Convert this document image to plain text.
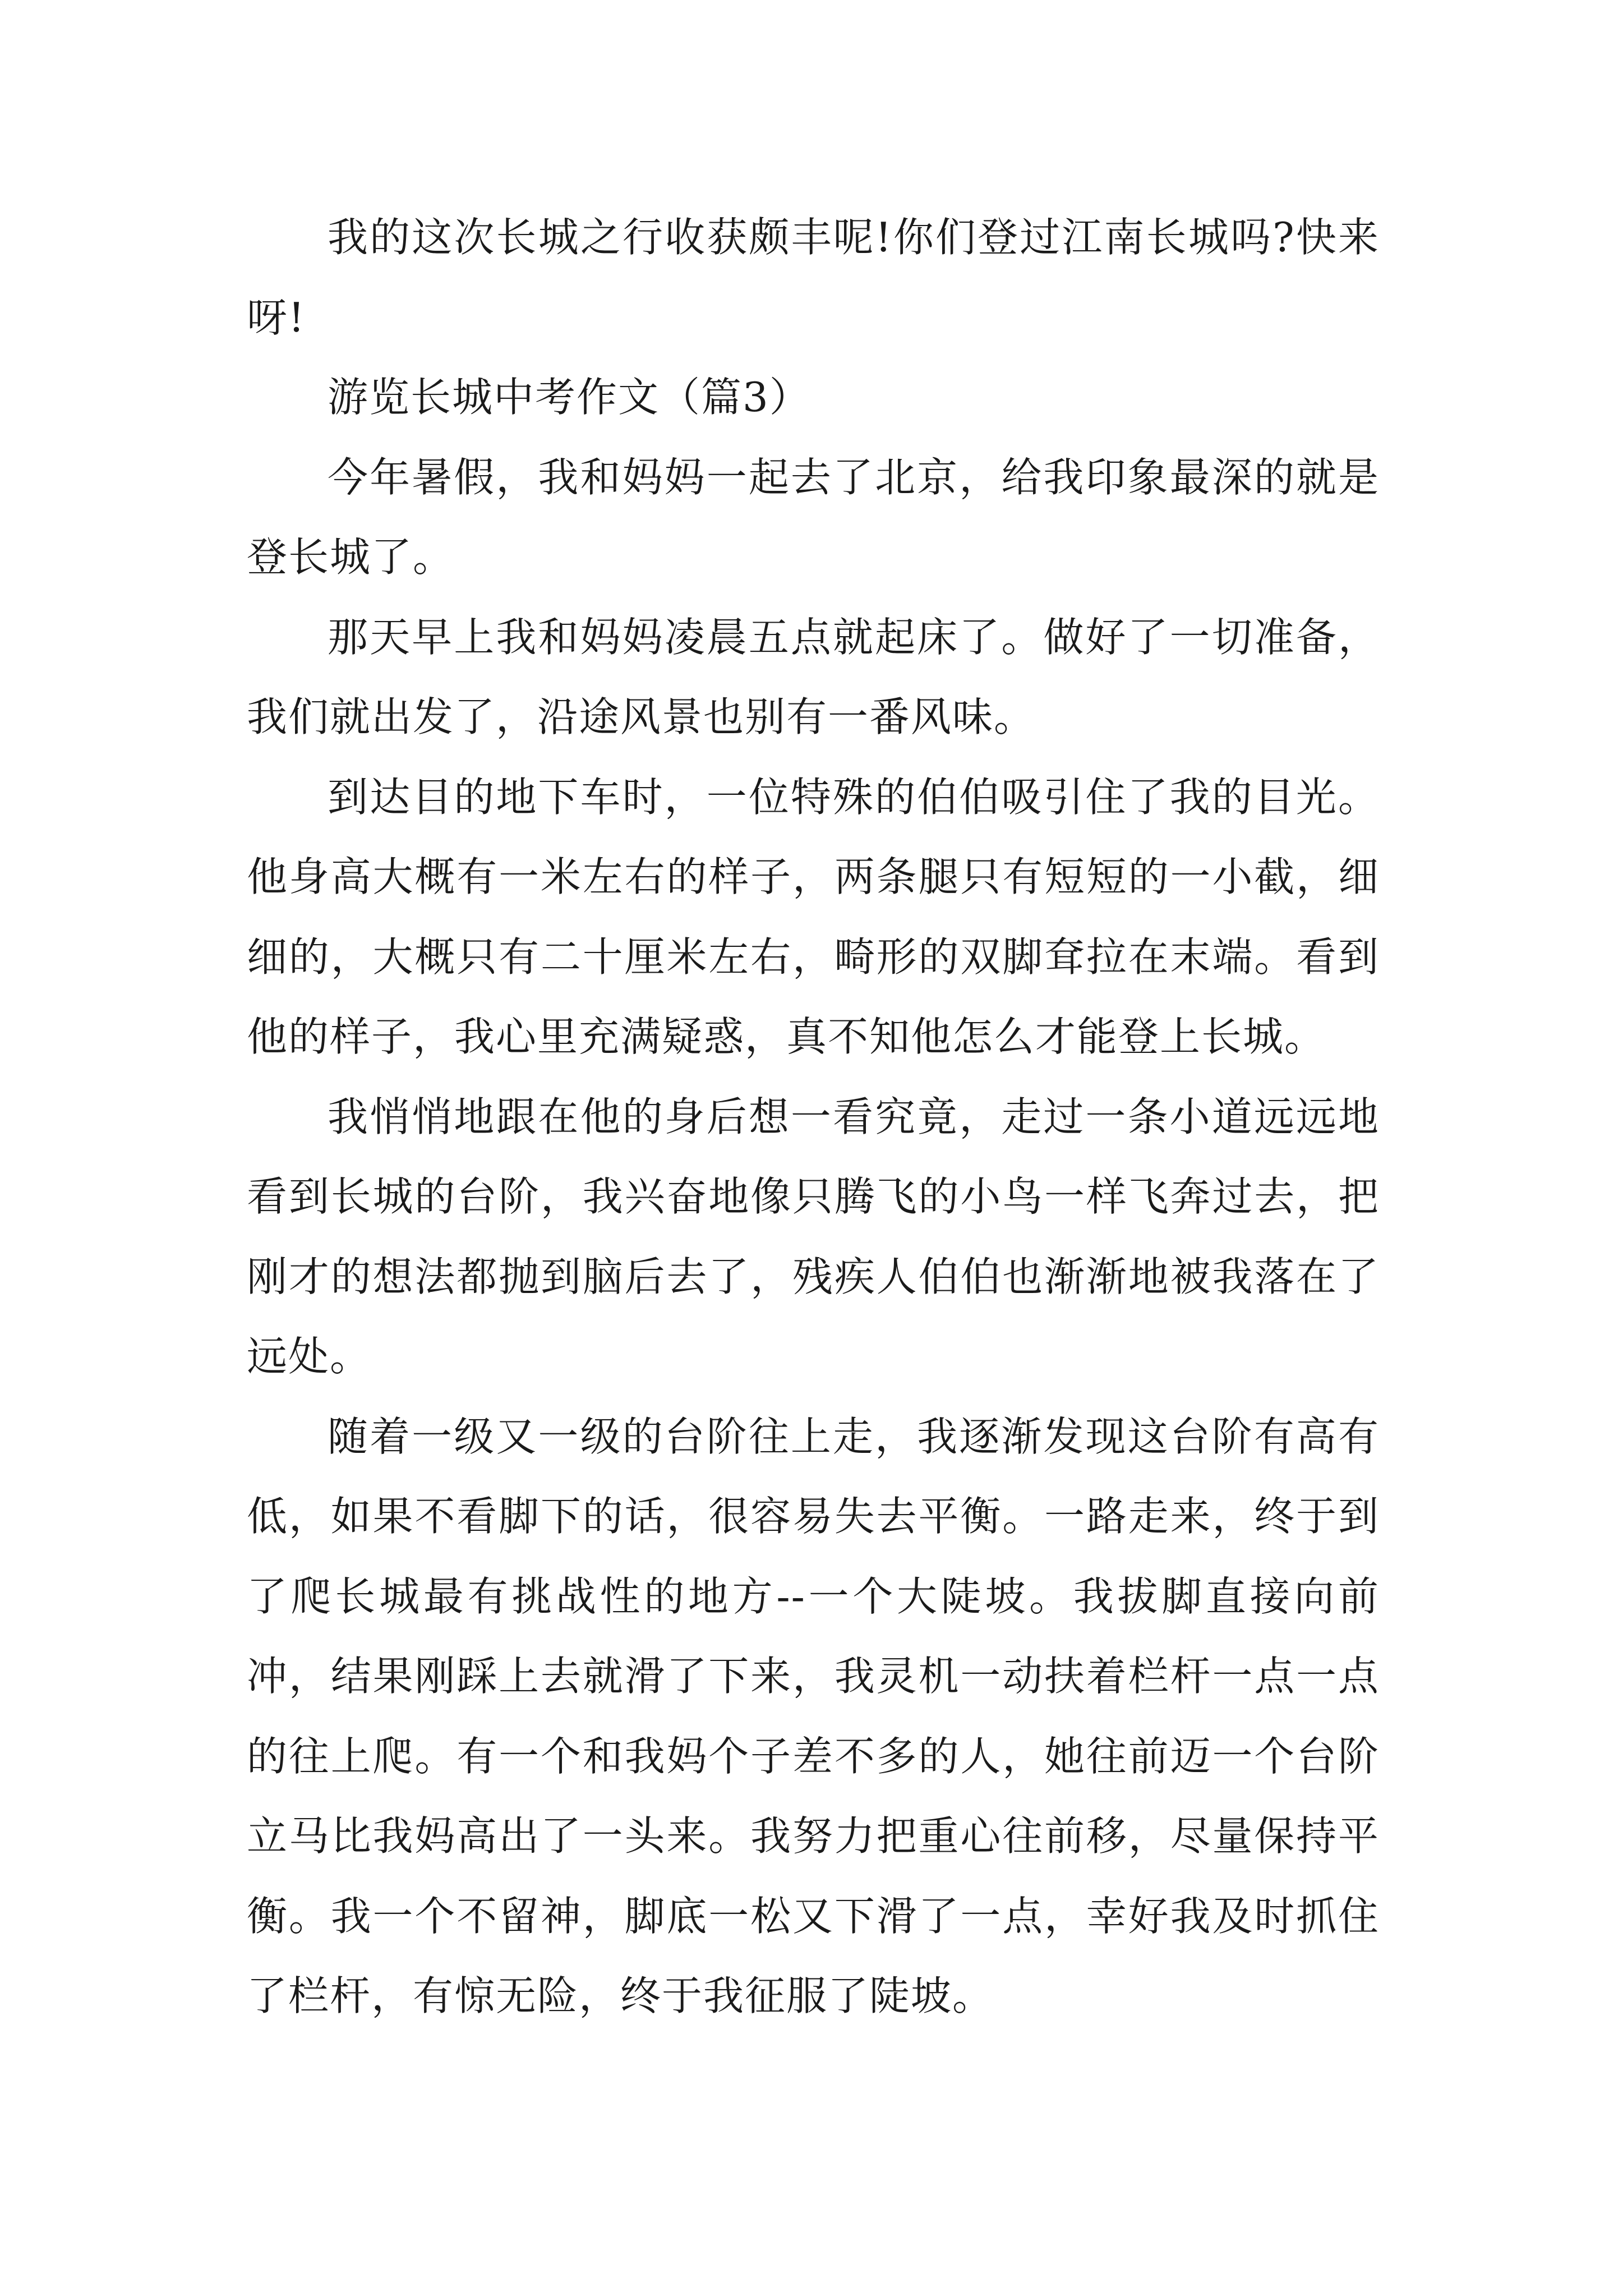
我的这次长城之行收获颇丰呢!你们登过江南长城吗?快来呀!

游览长城中考作文（篇3）

今年暑假，我和妈妈一起去了北京，给我印象最深的就是登长城了。

那天早上我和妈妈凌晨五点就起床了。做好了一切准备，我们就出发了，沿途风景也别有一番风味。

到达目的地下车时，一位特殊的伯伯吸引住了我的目光。他身高大概有一米左右的样子，两条腿只有短短的一小截，细细的，大概只有二十厘米左右，畸形的双脚耷拉在末端。看到他的样子，我心里充满疑惑，真不知他怎么才能登上长城。

我悄悄地跟在他的身后想一看究竟，走过一条小道远远地看到长城的台阶，我兴奋地像只腾飞的小鸟一样飞奔过去，把刚才的想法都抛到脑后去了，残疾人伯伯也渐渐地被我落在了远处。

随着一级又一级的台阶往上走，我逐渐发现这台阶有高有低，如果不看脚下的话，很容易失去平衡。一路走来，终于到了爬长城最有挑战性的地方--一个大陡坡。我拔脚直接向前冲，结果刚踩上去就滑了下来，我灵机一动扶着栏杆一点一点的往上爬。有一个和我妈个子差不多的人，她往前迈一个台阶立马比我妈高出了一头来。我努力把重心往前移，尽量保持平衡。我一个不留神，脚底一松又下滑了一点，幸好我及时抓住了栏杆，有惊无险，终于我征服了陡坡。
